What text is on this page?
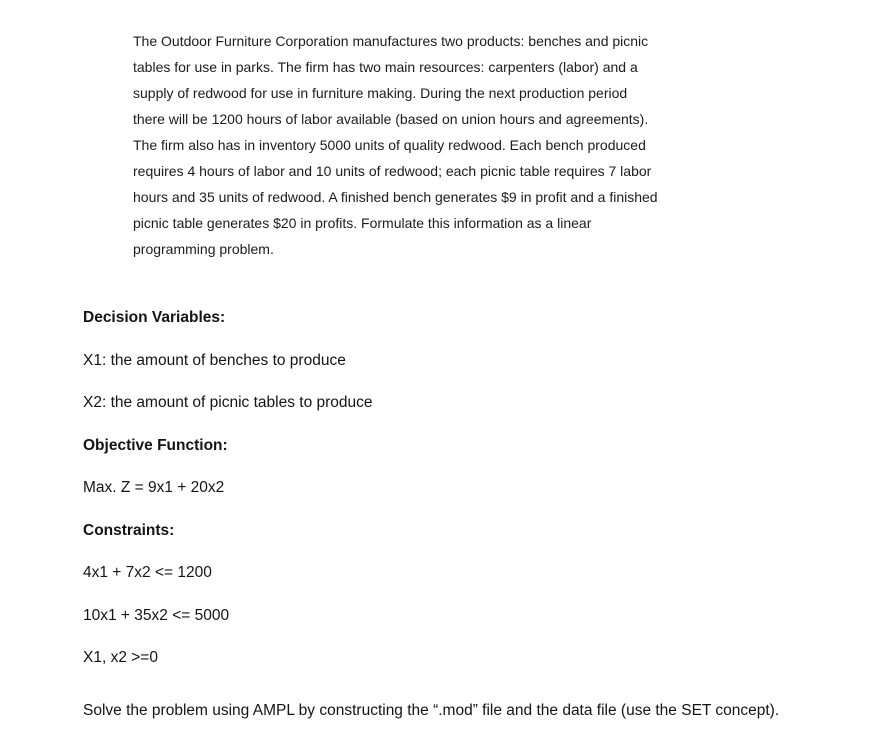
The Outdoor Furniture Corporation manufactures two products: benches and picnic
tables for use in parks. The firm has two main resources: carpenters (labor) and a
supply of redwood for use in furniture making. During the next production period
there will be 1200 hours of labor available (based on union hours and agreements).
The firm also has in inventory 5000 units of quality redwood. Each bench produced
requires 4 hours of labor and 10 units of redwood; each picnic table requires 7 labor
hours and 35 units of redwood. A finished bench generates $9 in profit and a finished
picnic table generates $20 in profits. Formulate this information as a linear
programming problem.
Decision Variables:
X1: the amount of benches to produce
X2: the amount of picnic tables to produce
Objective Function:
Max. Z = 9x1 + 20x2
Constraints:
4x1 + 7x2 <= 1200
10x1 + 35x2 <= 5000
X1, x2 >=0
Solve the problem using AMPL by constructing the “.mod” file and the data file (use the SET concept).
